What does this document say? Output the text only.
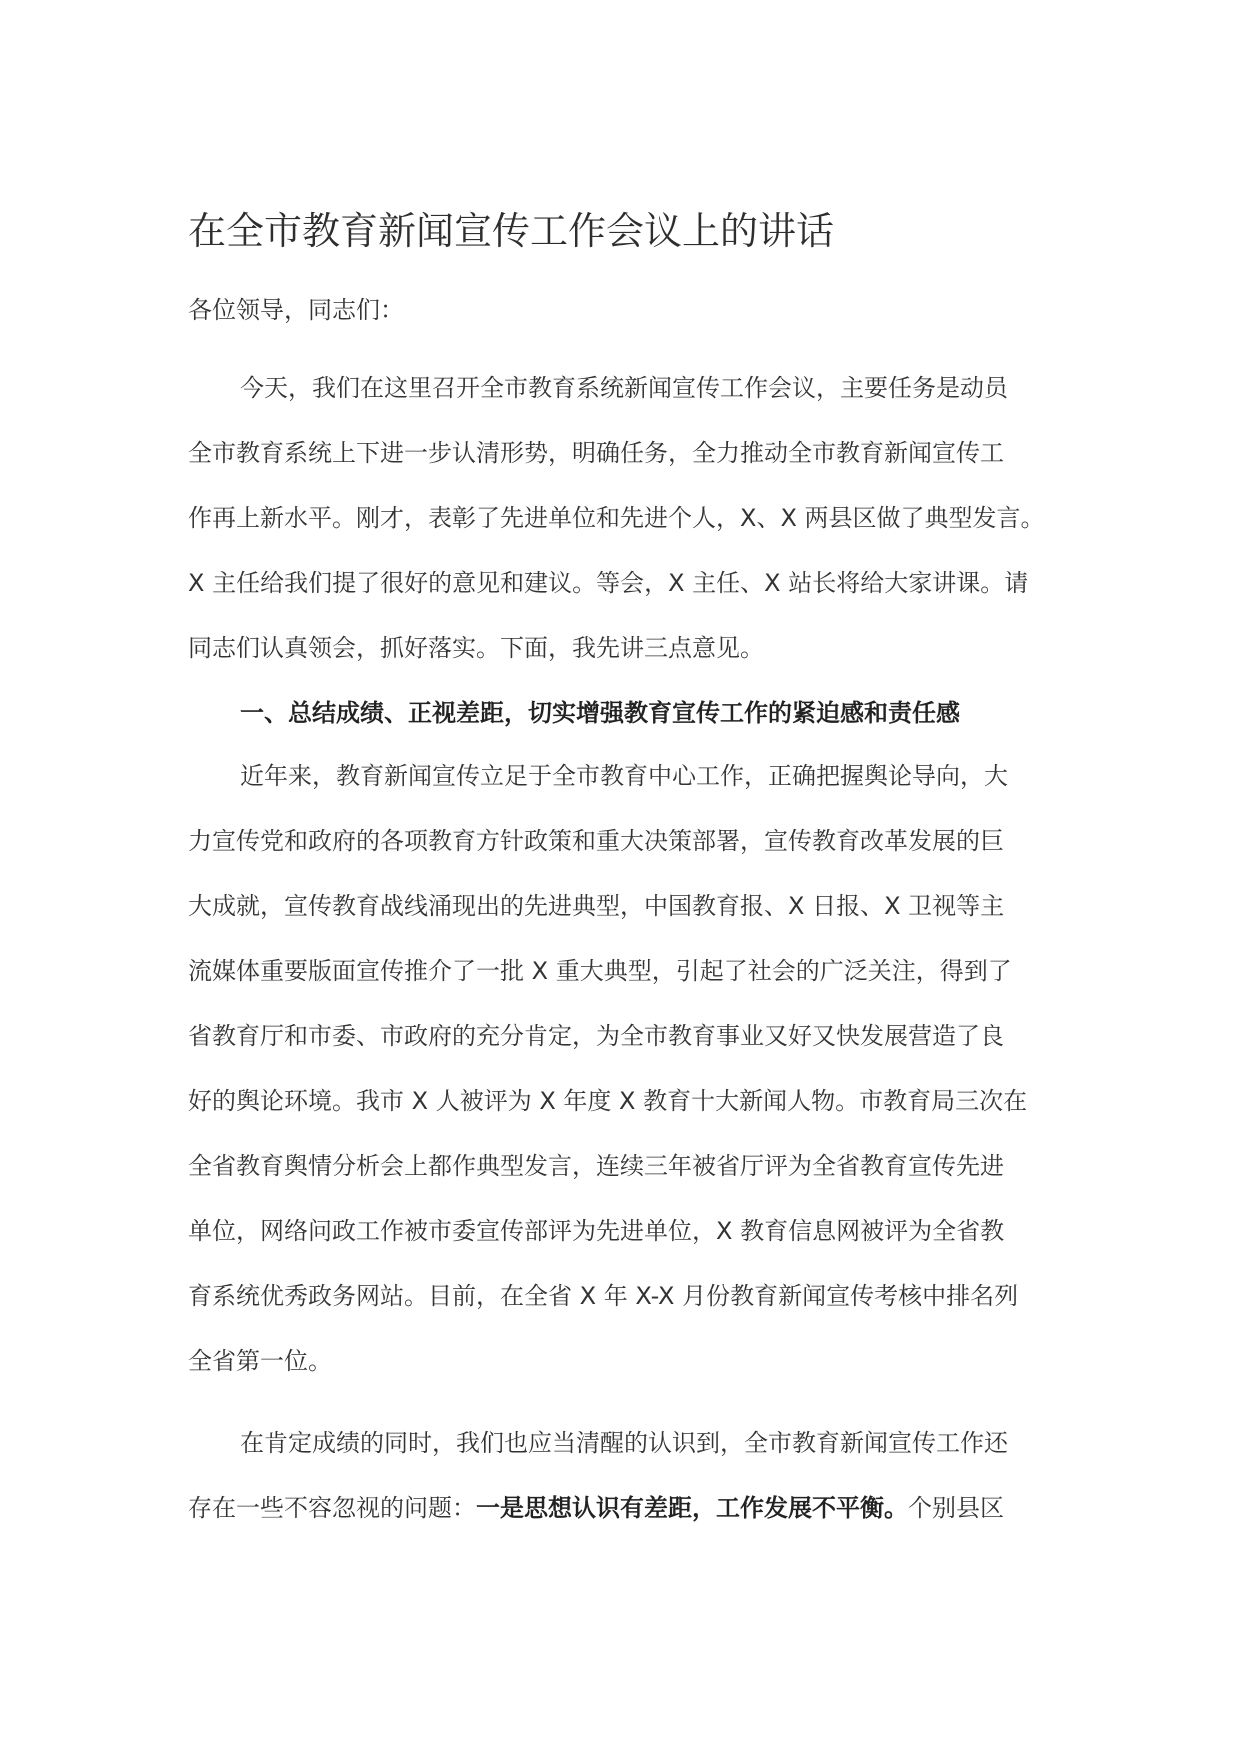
在全市教育新闻宣传工作会议上的讲话
各位领导，同志们：
今天，我们在这里召开全市教育系统新闻宣传工作会议，主要任务是动员
全市教育系统上下进一步认清形势，明确任务，全力推动全市教育新闻宣传工
作再上新水平。刚才，表彰了先进单位和先进个人，X、X 两县区做了典型发言。
X 主任给我们提了很好的意见和建议。等会，X 主任、X 站长将给大家讲课。请
同志们认真领会，抓好落实。下面，我先讲三点意见。
一、总结成绩、正视差距，切实增强教育宣传工作的紧迫感和责任感
近年来，教育新闻宣传立足于全市教育中心工作，正确把握舆论导向，大
力宣传党和政府的各项教育方针政策和重大决策部署，宣传教育改革发展的巨
大成就，宣传教育战线涌现出的先进典型，中国教育报、X 日报、X 卫视等主
流媒体重要版面宣传推介了一批 X 重大典型，引起了社会的广泛关注，得到了
省教育厅和市委、市政府的充分肯定，为全市教育事业又好又快发展营造了良
好的舆论环境。我市 X 人被评为 X 年度 X 教育十大新闻人物。市教育局三次在
全省教育舆情分析会上都作典型发言，连续三年被省厅评为全省教育宣传先进
单位，网络问政工作被市委宣传部评为先进单位，X 教育信息网被评为全省教
育系统优秀政务网站。目前，在全省 X 年 X-X 月份教育新闻宣传考核中排名列
全省第一位。
在肯定成绩的同时，我们也应当清醒的认识到，全市教育新闻宣传工作还
存在一些不容忽视的问题：一是思想认识有差距，工作发展不平衡。个别县区
